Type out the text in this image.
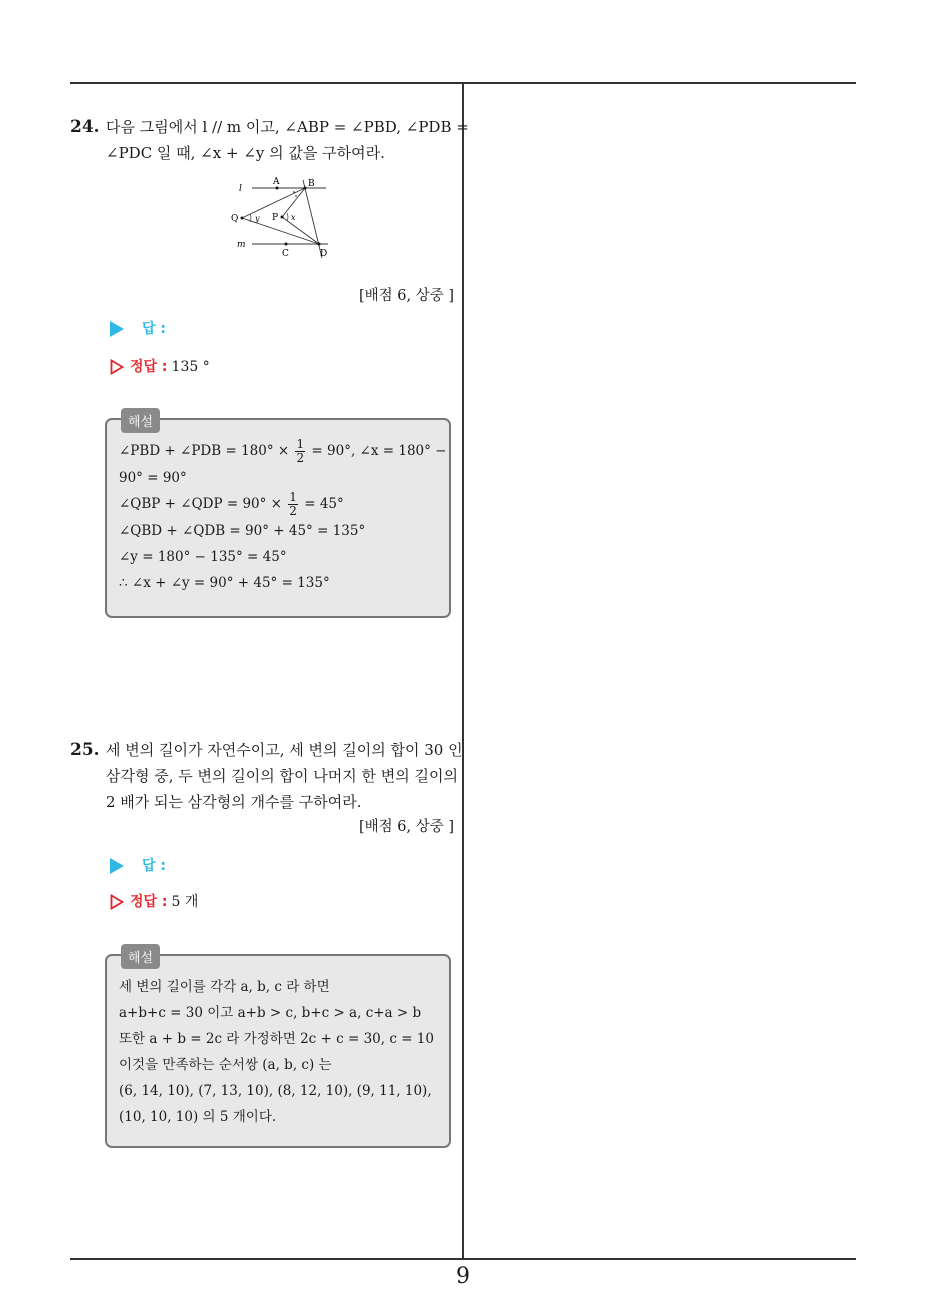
24. 다음 그림에서 l // m 이고, ∠ABP = ∠PBD, ∠PDB =
∠PDC 일 때, ∠x + ∠y 의 값을 구하여라.
l
A	B
Q y P x
m
C	D
[배점 6, 상중 ]
답 :
정답 : 135 °
해설
∠PBD + ∠PDB = $180^\circ \times \frac{1}{2} = 90^\circ$, ∠x = 180° −
90° = 90°
∠QBP + ∠QDP = $90^\circ \times \frac{1}{2} = 45^\circ$
∠QBD + ∠QDB = 90° + 45° = 135°
∠y = 180° − 135° = 45°
∴ ∠x + ∠y = 90° + 45° = 135°
25. 세 변의 길이가 자연수이고, 세 변의 길이의 합이 30 인
삼각형 중, 두 변의 길이의 합이 나머지 한 변의 길이의
2 배가 되는 삼각형의 개수를 구하여라.
[배점 6, 상중 ]
답 :
정답 : 5 개
해설
세 변의 길이를 각각 a, b, c 라 하면
a+b+c = 30 이고 a+b > c, b+c > a, c+a > b
또한 a + b = 2c 라 가정하면 2c + c = 30, c = 10
이것을 만족하는 순서쌍 (a, b, c) 는
(6, 14, 10), (7, 13, 10), (8, 12, 10), (9, 11, 10),
(10, 10, 10) 의 5 개이다.
9
